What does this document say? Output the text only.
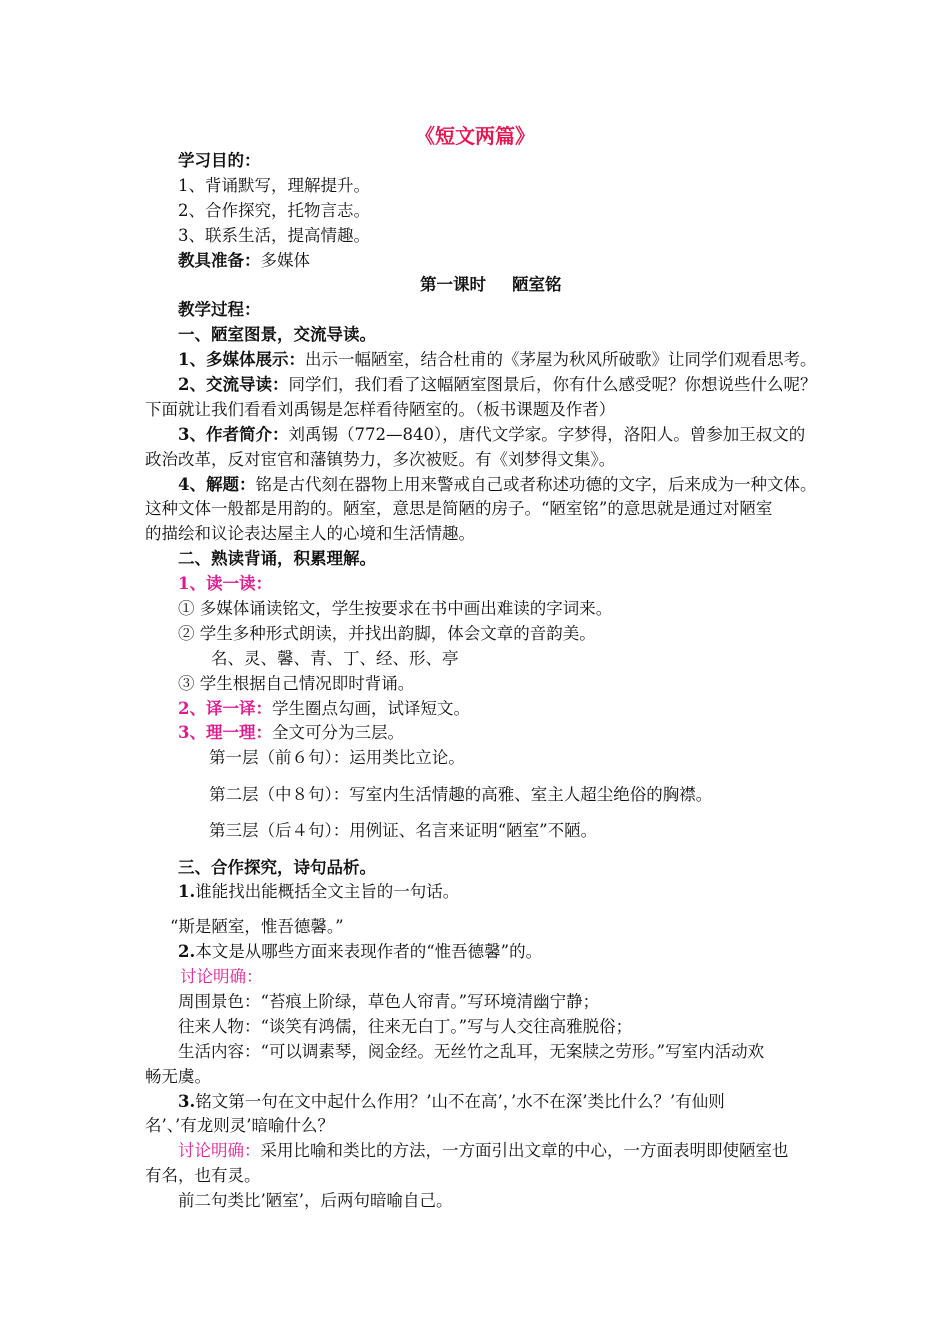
《短文两篇》
学习目的：
1、背诵默写，理解提升。
2、合作探究，托物言志。
3、联系生活，提高情趣。
教具准备：多媒体
第一课时 陋室铭
教学过程：
一、陋室图景，交流导读。
1、多媒体展示：出示一幅陋室，结合杜甫的《茅屋为秋风所破歌》让同学们观看思考。
2、交流导读：同学们，我们看了这幅陋室图景后，你有什么感受呢？你想说些什么呢？
下面就让我们看看刘禹锡是怎样看待陋室的。（板书课题及作者）
3、作者简介：刘禹锡（772—840），唐代文学家。字梦得，洛阳人。曾参加王叔文的
政治改革，反对宦官和藩镇势力，多次被贬。有《刘梦得文集》。
4、解题：铭是古代刻在器物上用来警戒自己或者称述功德的文字，后来成为一种文体。
这种文体一般都是用韵的。陋室，意思是简陋的房子。“陋室铭”的意思就是通过对陋室
的描绘和议论表达屋主人的心境和生活情趣。
二、熟读背诵，积累理解。
1、读一读：
① 多媒体诵读铭文，学生按要求在书中画出难读的字词来。
② 学生多种形式朗读，并找出韵脚，体会文章的音韵美。
名、灵、馨、青、丁、经、形、亭
③ 学生根据自己情况即时背诵。
2、译一译：学生圈点勾画，试译短文。
3、理一理：全文可分为三层。
第一层（前６句）：运用类比立论。
第二层（中８句）：写室内生活情趣的高雅、室主人超尘绝俗的胸襟。
第三层（后４句）：用例证、名言来证明“陋室”不陋。
三、合作探究，诗句品析。
1.谁能找出能概括全文主旨的一句话。
“斯是陋室，惟吾德馨。”
2.本文是从哪些方面来表现作者的“惟吾德馨”的。
讨论明确：
周围景色：“苔痕上阶绿，草色人帘青。”写环境清幽宁静；
往来人物：“谈笑有鸿儒，往来无白丁。”写与人交往高雅脱俗；
生活内容：“可以调素琴，阅金经。无丝竹之乱耳，无案牍之劳形。”写室内活动欢
畅无虞。
3.铭文第一句在文中起什么作用？’山不在高’，’水不在深’类比什么？’有仙则
名’、’有龙则灵’暗喻什么？
讨论明确：采用比喻和类比的方法，一方面引出文章的中心，一方面表明即使陋室也
有名，也有灵。
前二句类比’陋室’，后两句暗喻自己。
